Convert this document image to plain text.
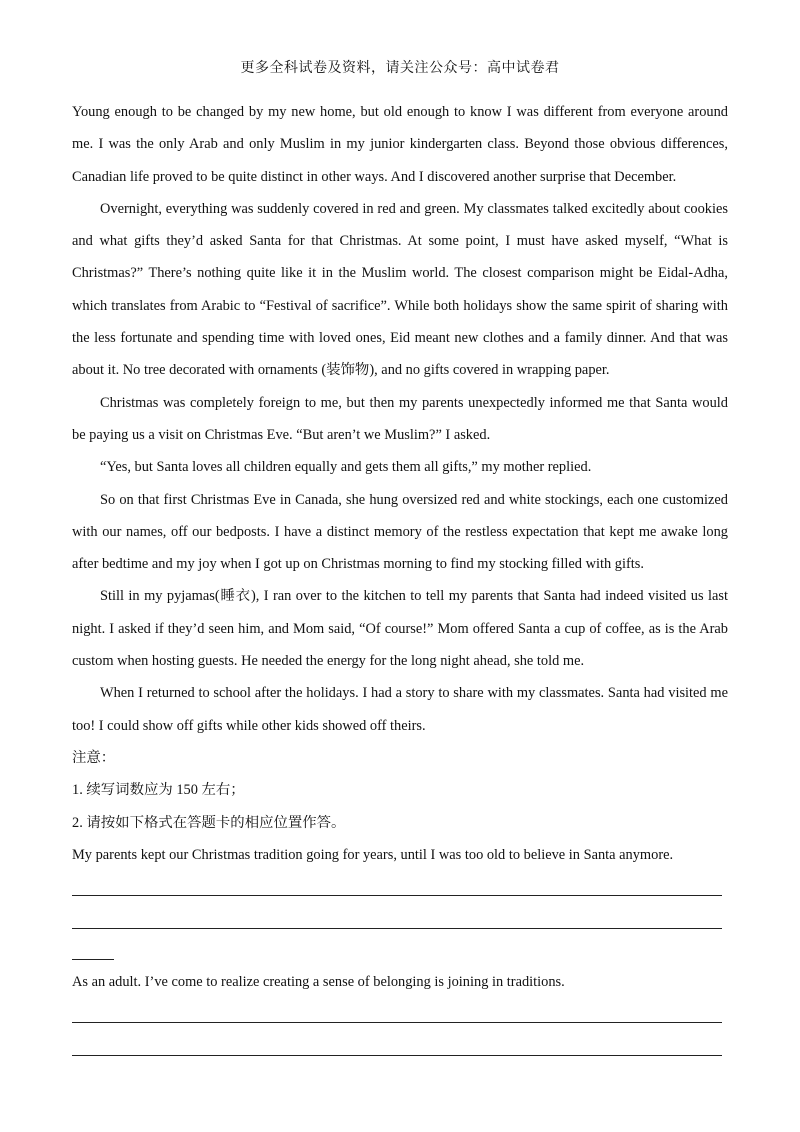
更多全科试卷及资料，请关注公众号：高中试卷君

Young enough to be changed by my new home, but old enough to know I was different from everyone around me. I was the only Arab and only Muslim in my junior kindergarten class. Beyond those obvious differences, Canadian life proved to be quite distinct in other ways. And I discovered another surprise that December.

Overnight, everything was suddenly covered in red and green. My classmates talked excitedly about cookies and what gifts they’d asked Santa for that Christmas. At some point, I must have asked myself, “What is Christmas?” There’s nothing quite like it in the Muslim world. The closest comparison might be Eidal-Adha, which translates from Arabic to “Festival of sacrifice”. While both holidays show the same spirit of sharing with the less fortunate and spending time with loved ones, Eid meant new clothes and a family dinner. And that was about it. No tree decorated with ornaments (装饰物), and no gifts covered in wrapping paper.

Christmas was completely foreign to me, but then my parents unexpectedly informed me that Santa would be paying us a visit on Christmas Eve. “But aren’t we Muslim?” I asked.

“Yes, but Santa loves all children equally and gets them all gifts,” my mother replied.

So on that first Christmas Eve in Canada, she hung oversized red and white stockings, each one customized with our names, off our bedposts. I have a distinct memory of the restless expectation that kept me awake long after bedtime and my joy when I got up on Christmas morning to find my stocking filled with gifts.

Still in my pyjamas(睡衣), I ran over to the kitchen to tell my parents that Santa had indeed visited us last night. I asked if they’d seen him, and Mom said, “Of course!” Mom offered Santa a cup of coffee, as is the Arab custom when hosting guests. He needed the energy for the long night ahead, she told me.

When I returned to school after the holidays. I had a story to share with my classmates. Santa had visited me too! I could show off gifts while other kids showed off theirs.

注意：

1. 续写词数应为 150 左右；

2. 请按如下格式在答题卡的相应位置作答。

My parents kept our Christmas tradition going for years, until I was too old to believe in Santa anymore.

As an adult. I’ve come to realize creating a sense of belonging is joining in traditions.
